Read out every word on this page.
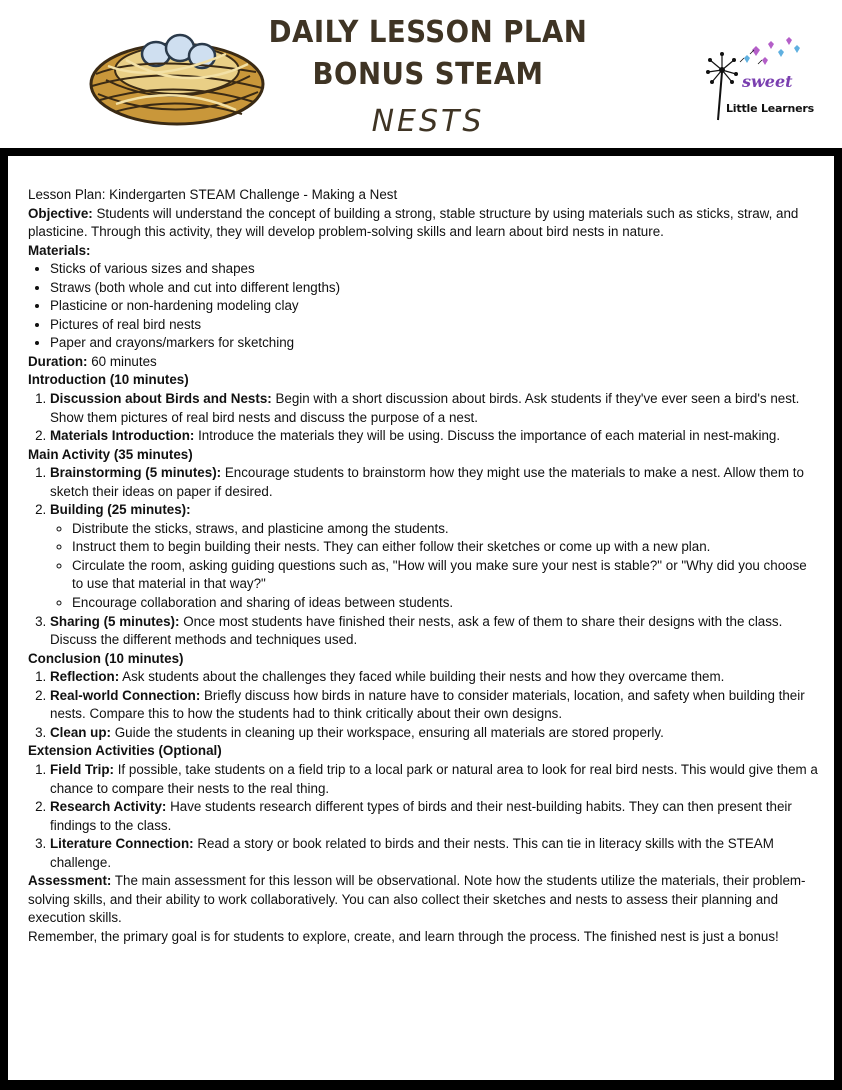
DAILY LESSON PLAN
BONUS STEAM
NESTS
sweet
Little Learners

Lesson Plan: Kindergarten STEAM Challenge - Making a Nest

Objective: Students will understand the concept of building a strong, stable structure by using materials such as sticks, straw, and plasticine. Through this activity, they will develop problem-solving skills and learn about bird nests in nature.

Materials:

• Sticks of various sizes and shapes
• Straws (both whole and cut into different lengths)
• Plasticine or non-hardening modeling clay
• Pictures of real bird nests
• Paper and crayons/markers for sketching

Duration: 60 minutes

Introduction (10 minutes)

1. Discussion about Birds and Nests: Begin with a short discussion about birds. Ask students if they've ever seen a bird's nest. Show them pictures of real bird nests and discuss the purpose of a nest.
2. Materials Introduction: Introduce the materials they will be using. Discuss the importance of each material in nest-making.

Main Activity (35 minutes)

1. Brainstorming (5 minutes): Encourage students to brainstorm how they might use the materials to make a nest. Allow them to sketch their ideas on paper if desired.
2. Building (25 minutes):
◦ Distribute the sticks, straws, and plasticine among the students.
◦ Instruct them to begin building their nests. They can either follow their sketches or come up with a new plan.
◦ Circulate the room, asking guiding questions such as, "How will you make sure your nest is stable?" or "Why did you choose to use that material in that way?"
◦ Encourage collaboration and sharing of ideas between students.
3. Sharing (5 minutes): Once most students have finished their nests, ask a few of them to share their designs with the class. Discuss the different methods and techniques used.

Conclusion (10 minutes)

1. Reflection: Ask students about the challenges they faced while building their nests and how they overcame them.
2. Real-world Connection: Briefly discuss how birds in nature have to consider materials, location, and safety when building their nests. Compare this to how the students had to think critically about their own designs.
3. Clean up: Guide the students in cleaning up their workspace, ensuring all materials are stored properly.

Extension Activities (Optional)

1. Field Trip: If possible, take students on a field trip to a local park or natural area to look for real bird nests. This would give them a chance to compare their nests to the real thing.
2. Research Activity: Have students research different types of birds and their nest-building habits. They can then present their findings to the class.
3. Literature Connection: Read a story or book related to birds and their nests. This can tie in literacy skills with the STEAM challenge.

Assessment: The main assessment for this lesson will be observational. Note how the students utilize the materials, their problem-solving skills, and their ability to work collaboratively. You can also collect their sketches and nests to assess their planning and execution skills.

Remember, the primary goal is for students to explore, create, and learn through the process. The finished nest is just a bonus!
